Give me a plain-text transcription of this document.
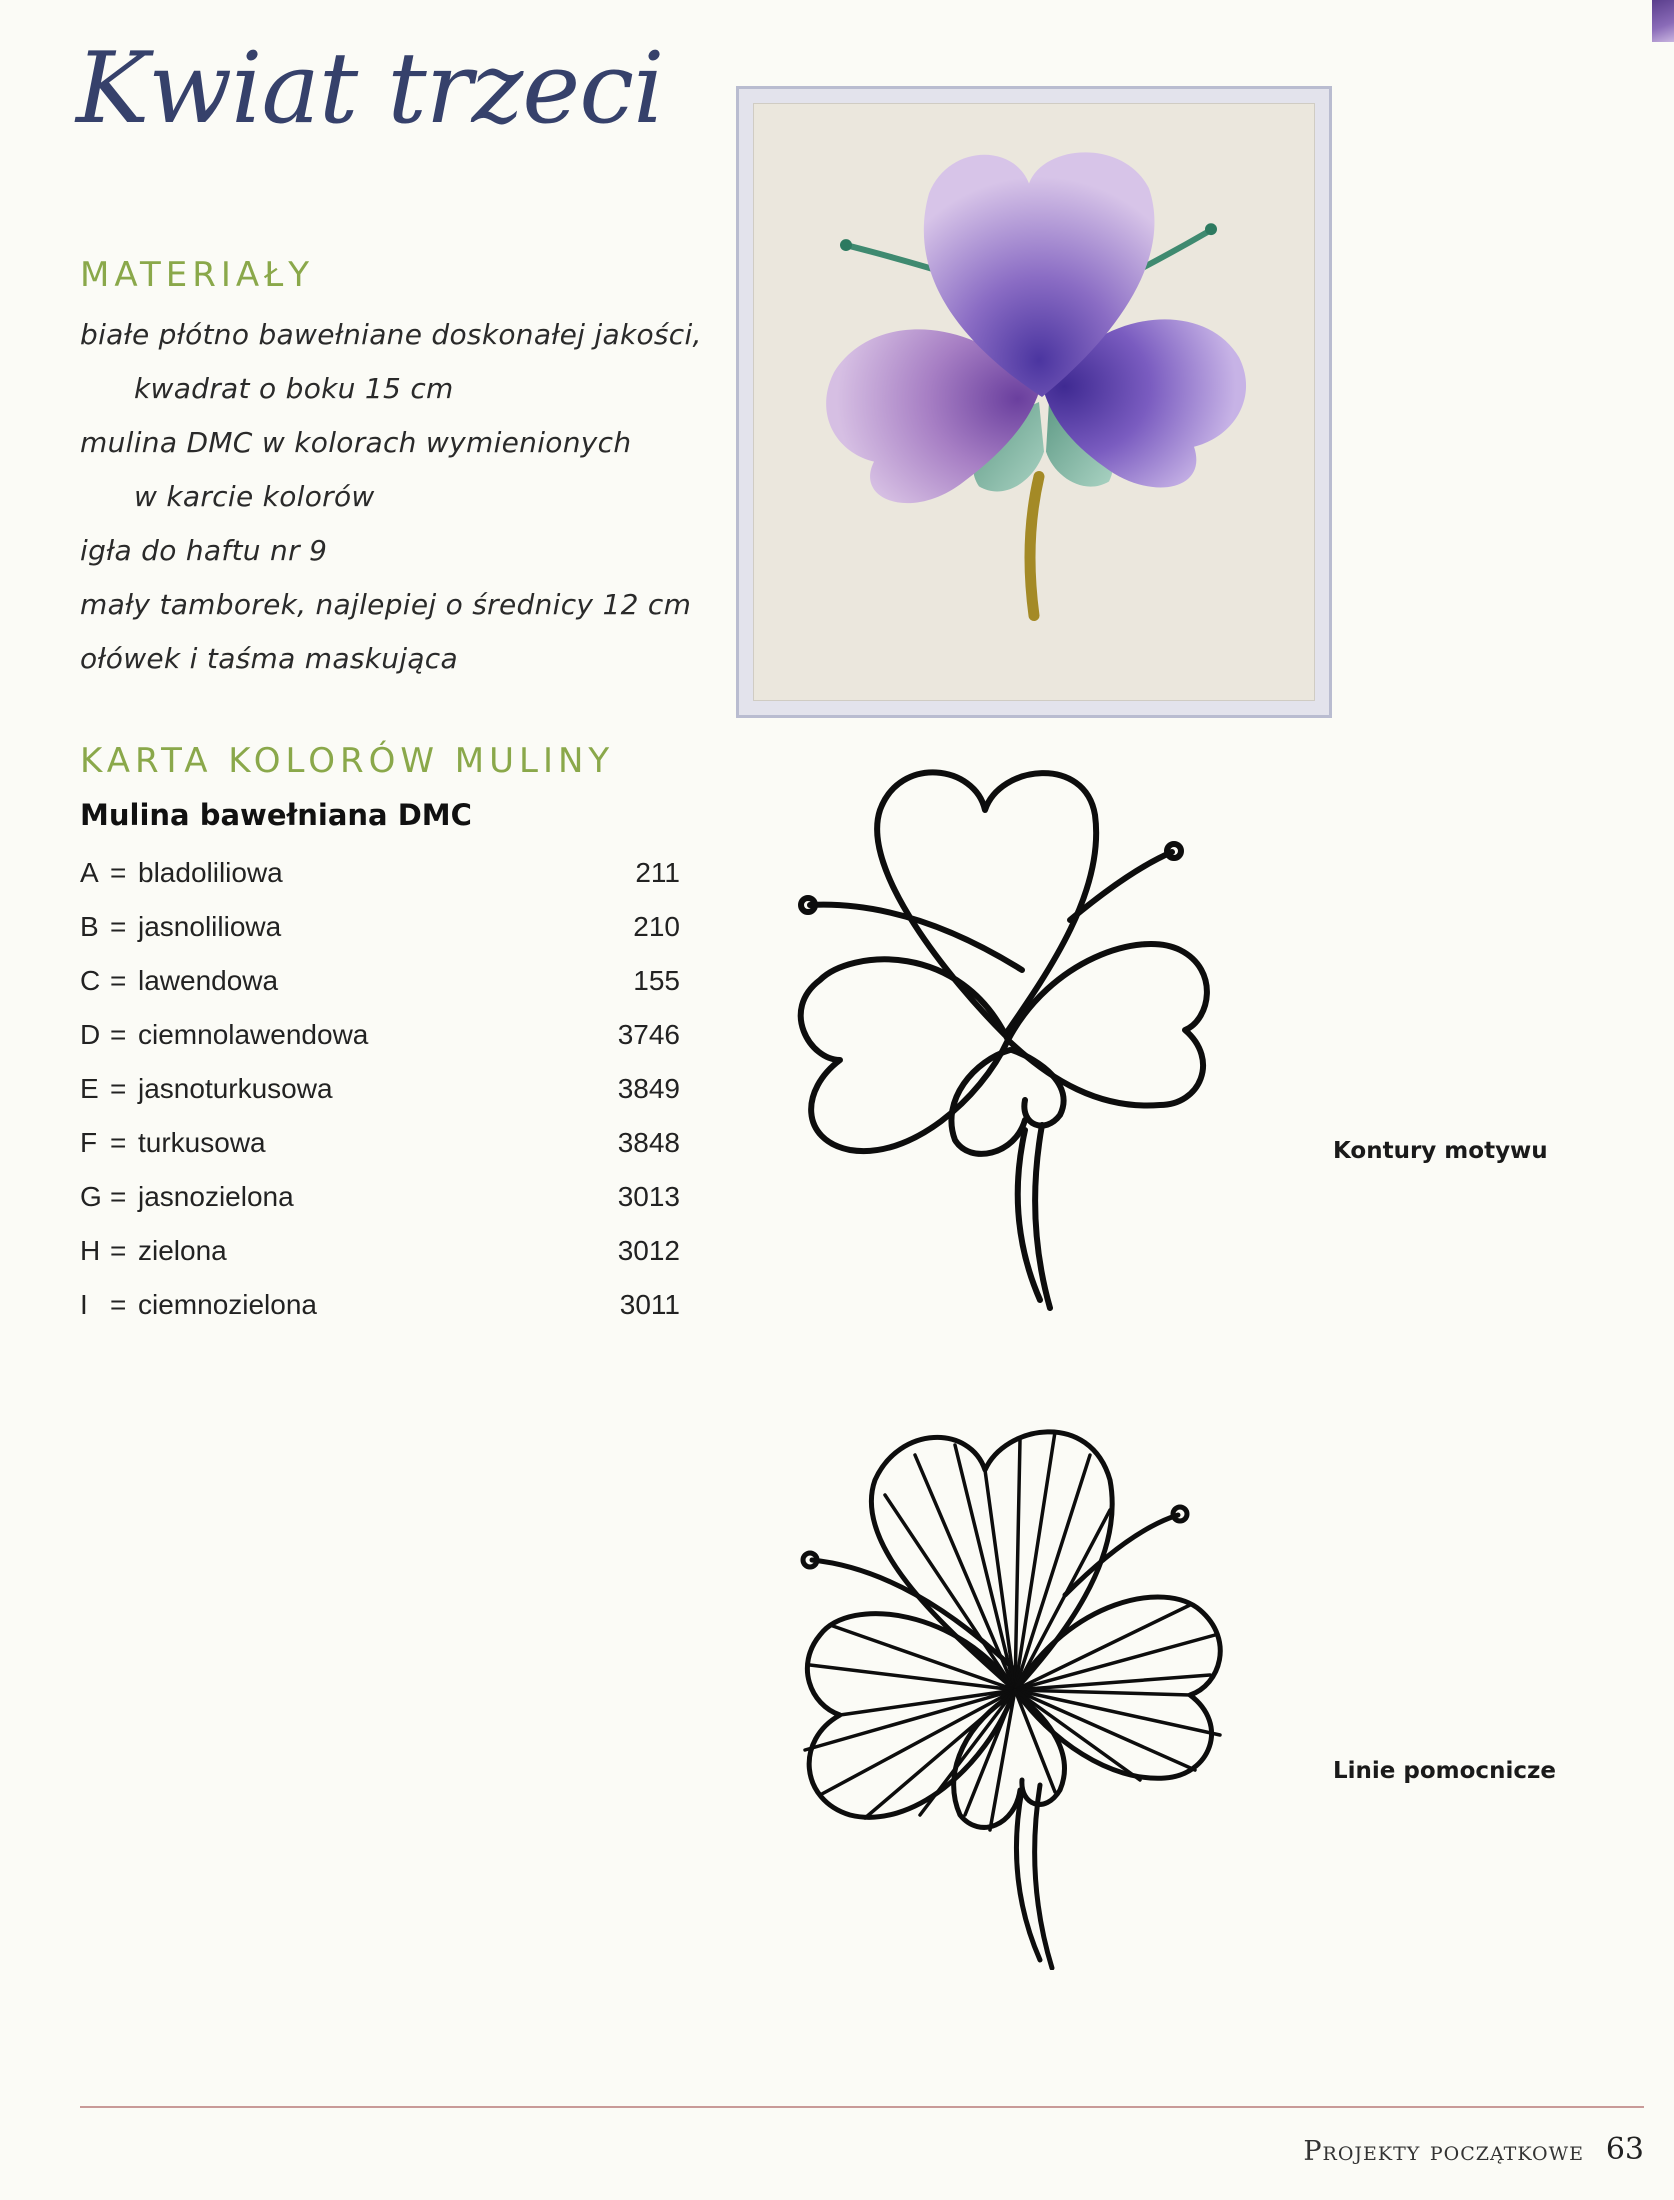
Kwiat trzeci
MATERIAŁY
białe płótno bawełniane doskonałej jakości,
kwadrat o boku 15 cm
mulina DMC w kolorach wymienionych
w karcie kolorów
igła do haftu nr 9
mały tamborek, najlepiej o średnicy 12 cm
ołówek i taśma maskująca
KARTA KOLORÓW MULINY
Mulina bawełniana DMC
A = bladoliliowa	211
B = jasnoliliowa	210
C = lawendowa	155
D = ciemnolawendowa	3746
E = jasnoturkusowa	3849
F = turkusowa	3848
G = jasnozielona	3013
H = zielona	3012
I = ciemnozielona	3011

Kontury motywu

Linie pomocnicze

Projekty początkowe 63
